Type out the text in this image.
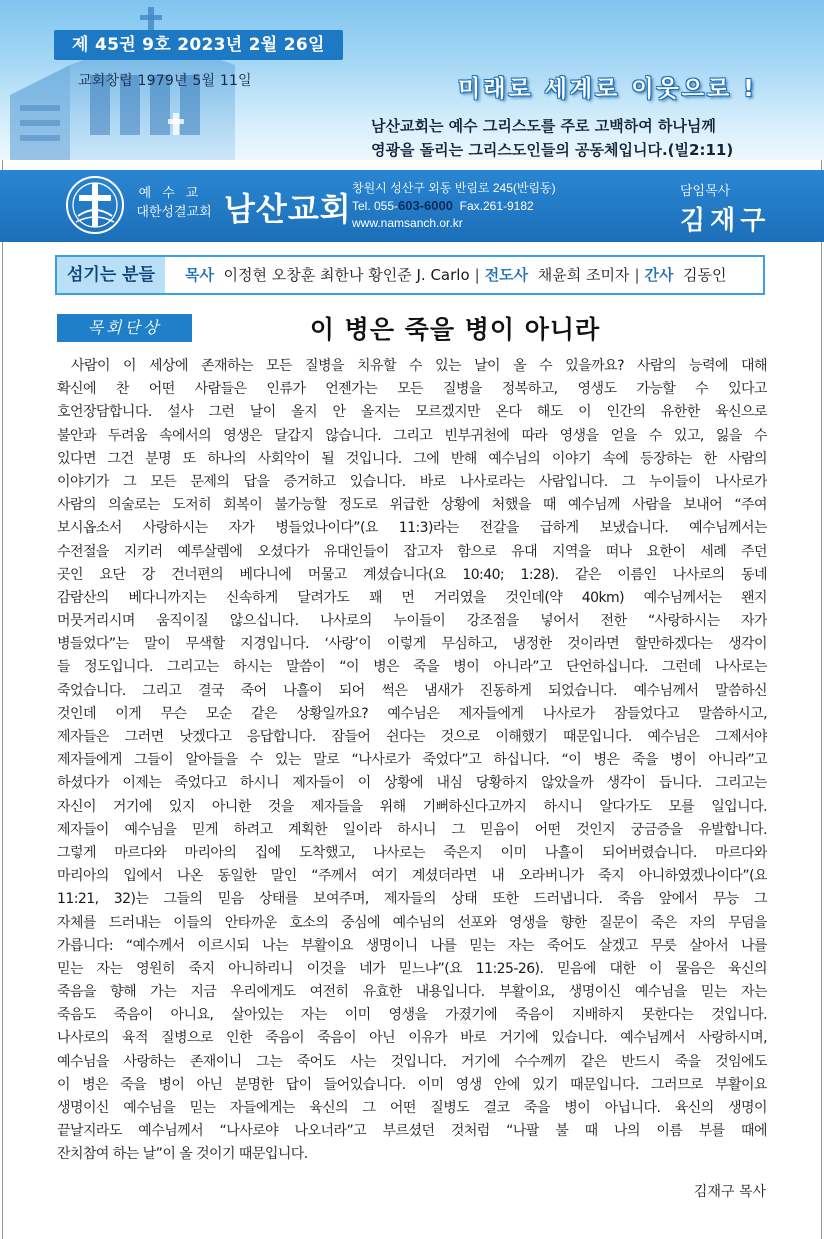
제 45권 9호 2023년 2월 26일
교회창립 1979년 5월 11일	미래로 세계로 이웃으로 !
남산교회는 예수 그리스도를 주로 고백하여 하나님께
영광을 돌리는 그리스도인들의 공동체입니다.(빌2:11)
예수교
대한성결교회 남산교회
창원시 성산구 외동 반림로 245(반림동)
Tel. 055-603-6000 Fax.261-9182
www.namsanch.or.kr
담임목사
김재구
섬기는 분들	목사 이정현 오창훈 최한나 황인준 J. Carlo | 전도사 채윤희 조미자 | 간사 김동인
목회단상	이 병은 죽을 병이 아니라
사람이 이 세상에 존재하는 모든 질병을 치유할 수 있는 날이 올 수 있을까요? 사람의 능력에 대해
확신에 찬 어떤 사람들은 인류가 언젠가는 모든 질병을 정복하고, 영생도 가능할 수 있다고
호언장담합니다. 설사 그런 날이 올지 안 올지는 모르겠지만 온다 해도 이 인간의 유한한 육신으로
불안과 두려움 속에서의 영생은 달갑지 않습니다. 그리고 빈부귀천에 따라 영생을 얻을 수 있고, 잃을 수
있다면 그건 분명 또 하나의 사회악이 될 것입니다. 그에 반해 예수님의 이야기 속에 등장하는 한 사람의
이야기가 그 모든 문제의 답을 증거하고 있습니다. 바로 나사로라는 사람입니다. 그 누이들이 나사로가
사람의 의술로는 도저히 회복이 불가능할 정도로 위급한 상황에 처했을 때 예수님께 사람을 보내어 “주여
보시옵소서 사랑하시는 자가 병들었나이다”(요 11:3)라는 전갈을 급하게 보냈습니다. 예수님께서는
수전절을 지키러 예루살렘에 오셨다가 유대인들이 잡고자 함으로 유대 지역을 떠나 요한이 세례 주던
곳인 요단 강 건너편의 베다니에 머물고 계셨습니다(요 10:40; 1:28). 같은 이름인 나사로의 동네
감람산의 베다니까지는 신속하게 달려가도 꽤 먼 거리였을 것인데(약 40km) 예수님께서는 왠지
머뭇거리시며 움직이질 않으십니다. 나사로의 누이들이 강조점을 넣어서 전한 “사랑하시는 자가
병들었다”는 말이 무색할 지경입니다. ‘사랑’이 이렇게 무심하고, 냉정한 것이라면 할만하겠다는 생각이
들 정도입니다. 그리고는 하시는 말씀이 “이 병은 죽을 병이 아니라”고 단언하십니다. 그런데 나사로는
죽었습니다. 그리고 결국 죽어 나흘이 되어 썩은 냄새가 진동하게 되었습니다. 예수님께서 말씀하신
것인데 이게 무슨 모순 같은 상황일까요? 예수님은 제자들에게 나사로가 잠들었다고 말씀하시고,
제자들은 그러면 낫겠다고 응답합니다. 잠들어 쉰다는 것으로 이해했기 때문입니다. 예수님은 그제서야
제자들에게 그들이 알아들을 수 있는 말로 “나사로가 죽었다”고 하십니다. “이 병은 죽을 병이 아니라”고
하셨다가 이제는 죽었다고 하시니 제자들이 이 상황에 내심 당황하지 않았을까 생각이 듭니다. 그리고는
자신이 거기에 있지 아니한 것을 제자들을 위해 기뻐하신다고까지 하시니 알다가도 모를 일입니다.
제자들이 예수님을 믿게 하려고 계획한 일이라 하시니 그 믿음이 어떤 것인지 궁금증을 유발합니다.
그렇게 마르다와 마리아의 집에 도착했고, 나사로는 죽은지 이미 나흘이 되어버렸습니다. 마르다와
마리아의 입에서 나온 동일한 말인 “주께서 여기 계셨더라면 내 오라버니가 죽지 아니하였겠나이다”(요
11:21, 32)는 그들의 믿음 상태를 보여주며, 제자들의 상태 또한 드러냅니다. 죽음 앞에서 무능 그
자체를 드러내는 이들의 안타까운 호소의 중심에 예수님의 선포와 영생을 향한 질문이 죽은 자의 무덤을
가릅니다: “예수께서 이르시되 나는 부활이요 생명이니 나를 믿는 자는 죽어도 살겠고 무릇 살아서 나를
믿는 자는 영원히 죽지 아니하리니 이것을 네가 믿느냐”(요 11:25-26). 믿음에 대한 이 물음은 육신의
죽음을 향해 가는 지금 우리에게도 여전히 유효한 내용입니다. 부활이요, 생명이신 예수님을 믿는 자는
죽음도 죽음이 아니요, 살아있는 자는 이미 영생을 가졌기에 죽음이 지배하지 못한다는 것입니다.
나사로의 육적 질병으로 인한 죽음이 죽음이 아닌 이유가 바로 거기에 있습니다. 예수님께서 사랑하시며,
예수님을 사랑하는 존재이니 그는 죽어도 사는 것입니다. 거기에 수수께끼 같은 반드시 죽을 것임에도
이 병은 죽을 병이 아닌 분명한 답이 들어있습니다. 이미 영생 안에 있기 때문입니다. 그러므로 부활이요
생명이신 예수님을 믿는 자들에게는 육신의 그 어떤 질병도 결코 죽을 병이 아닙니다. 육신의 생명이
끝날지라도 예수님께서 “나사로야 나오너라”고 부르셨던 것처럼 “나팔 불 때 나의 이름 부를 때에
잔치참여 하는 날”이 올 것이기 때문입니다.
김재구 목사
